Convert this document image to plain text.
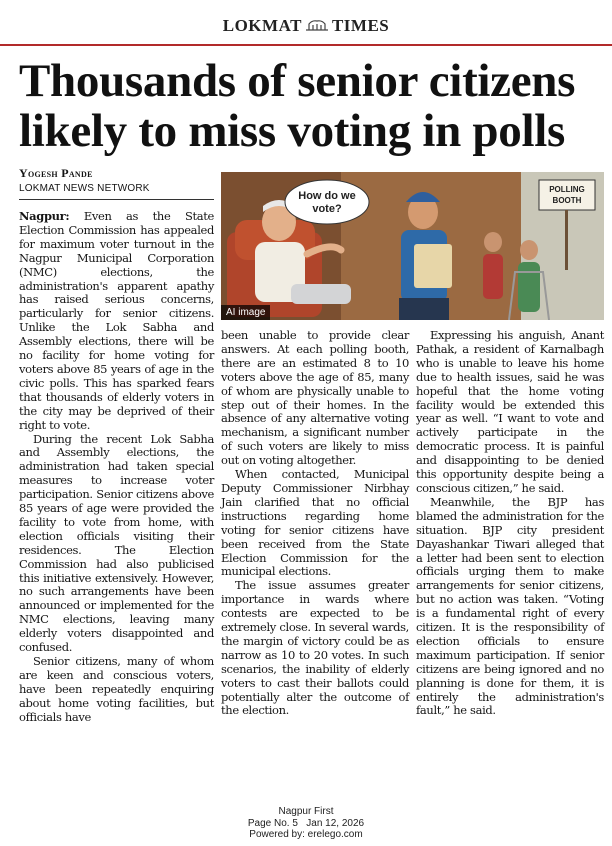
LOKMAT TIMES
Thousands of senior citizens likely to miss voting in polls
Yogesh Pande
LOKMAT NEWS NETWORK
How do we
vote?
POLLING
BOOTH
AI image

Nagpur: Even as the State Election Commission has appealed for maximum voter turnout in the Nagpur Municipal Corporation (NMC) elections, the administration's apparent apathy has raised serious concerns, particularly for senior citizens. Unlike the Lok Sabha and Assembly elections, there will be no facility for home voting for voters above 85 years of age in the civic polls. This has sparked fears that thousands of elderly voters in the city may be deprived of their right to vote.

During the recent Lok Sabha and Assembly elections, the administration had taken special measures to increase voter participation. Senior citizens above 85 years of age were provided the facility to vote from home, with election officials visiting their residences. The Election Commission had also publicised this initiative extensively. However, no such arrangements have been announced or implemented for the NMC elections, leaving many elderly voters disappointed and confused.

Senior citizens, many of whom are keen and conscious voters, have been repeatedly enquiring about home voting facilities, but officials have

been unable to provide clear answers. At each polling booth, there are an estimated 8 to 10 voters above the age of 85, many of whom are physically unable to step out of their homes. In the absence of any alternative voting mechanism, a significant number of such voters are likely to miss out on voting altogether.

When contacted, Municipal Deputy Commissioner Nirbhay Jain clarified that no official instructions regarding home voting for senior citizens have been received from the State Election Commission for the municipal elections.

The issue assumes greater importance in wards where contests are expected to be extremely close. In several wards, the margin of victory could be as narrow as 10 to 20 votes. In such scenarios, the inability of elderly voters to cast their ballots could potentially alter the outcome of the election.

Expressing his anguish, Anant Pathak, a resident of Karnalbagh who is unable to leave his home due to health issues, said he was hopeful that the home voting facility would be extended this year as well. “I want to vote and actively participate in the democratic process. It is painful and disappointing to be denied this opportunity despite being a conscious citizen,” he said.

Meanwhile, the BJP has blamed the administration for the situation. BJP city president Dayashankar Tiwari alleged that a letter had been sent to election officials urging them to make arrangements for senior citizens, but no action was taken. “Voting is a fundamental right of every citizen. It is the responsibility of election officials to ensure maximum participation. If senior citizens are being ignored and no planning is done for them, it is entirely the administration's fault,” he said.

Nagpur First
Page No. 5 Jan 12, 2026
Powered by: erelego.com
